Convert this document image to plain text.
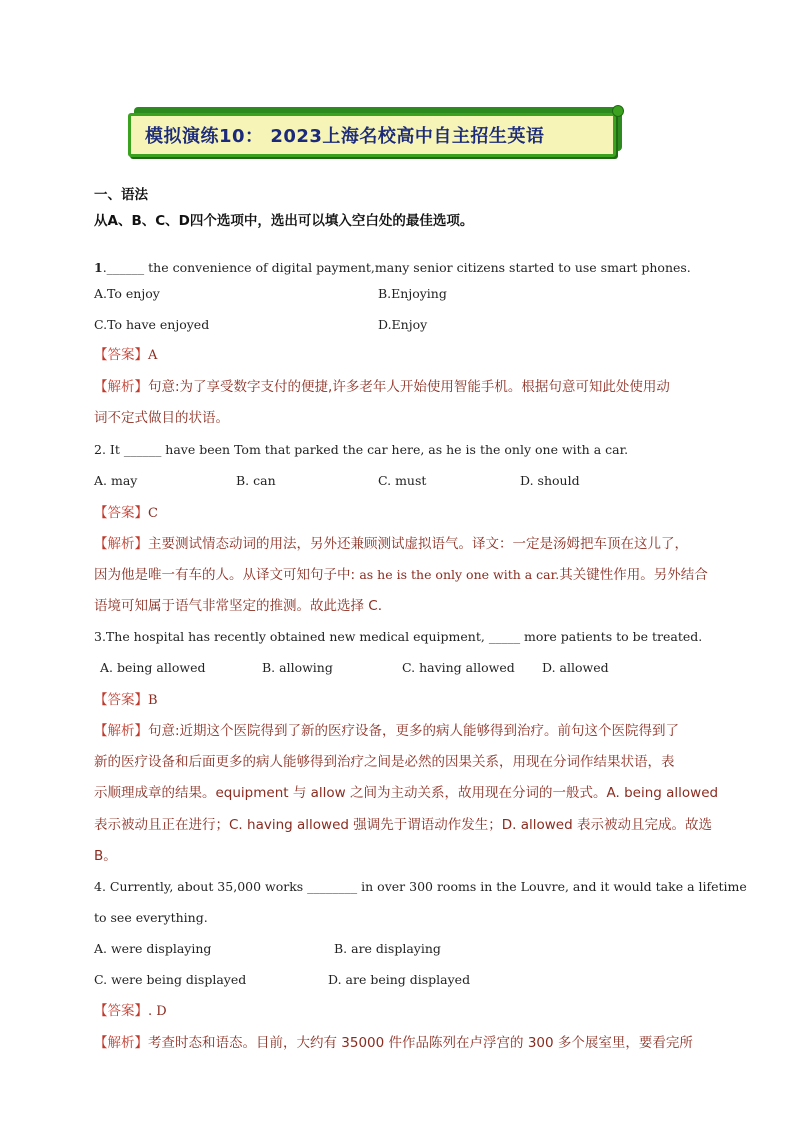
模拟演练10： 2023上海名校高中自主招生英语
一、语法
从A、B、C、D四个选项中，选出可以填入空白处的最佳选项。
1.______ the convenience of digital payment,many senior citizens started to use smart phones.
A.To enjoy	B.Enjoying
C.To have enjoyed	D.Enjoy
【答案】A
【解析】句意:为了享受数字支付的便捷,许多老年人开始使用智能手机。根据句意可知此处使用动
词不定式做目的状语。
2. It ______ have been Tom that parked the car here, as he is the only one with a car.
A. may	B. can	C. must	D. should
【答案】C
【解析】主要测试情态动词的用法，另外还兼顾测试虚拟语气。译文：一定是汤姆把车顶在这儿了，
因为他是唯一有车的人。从译文可知句子中: as he is the only one with a car.其关键性作用。另外结合
语境可知属于语气非常坚定的推测。故此选择 C.
3.The hospital has recently obtained new medical equipment, _____ more patients to be treated.
A. being allowed	B. allowing	C. having allowed D. allowed
【答案】B
【解析】句意:近期这个医院得到了新的医疗设备，更多的病人能够得到治疗。前句这个医院得到了
新的医疗设备和后面更多的病人能够得到治疗之间是必然的因果关系，用现在分词作结果状语，表
示顺理成章的结果。equipment 与 allow 之间为主动关系，故用现在分词的一般式。A. being allowed
表示被动且正在进行；C. having allowed 强调先于谓语动作发生；D. allowed 表示被动且完成。故选
B。
4. Currently, about 35,000 works ________ in over 300 rooms in the Louvre, and it would take a lifetime
to see everything.
A. were displaying	B. are displaying
C. were being displayed	D. are being displayed
【答案】. D
【解析】考查时态和语态。目前，大约有 35000 件作品陈列在卢浮宫的 300 多个展室里，要看完所
